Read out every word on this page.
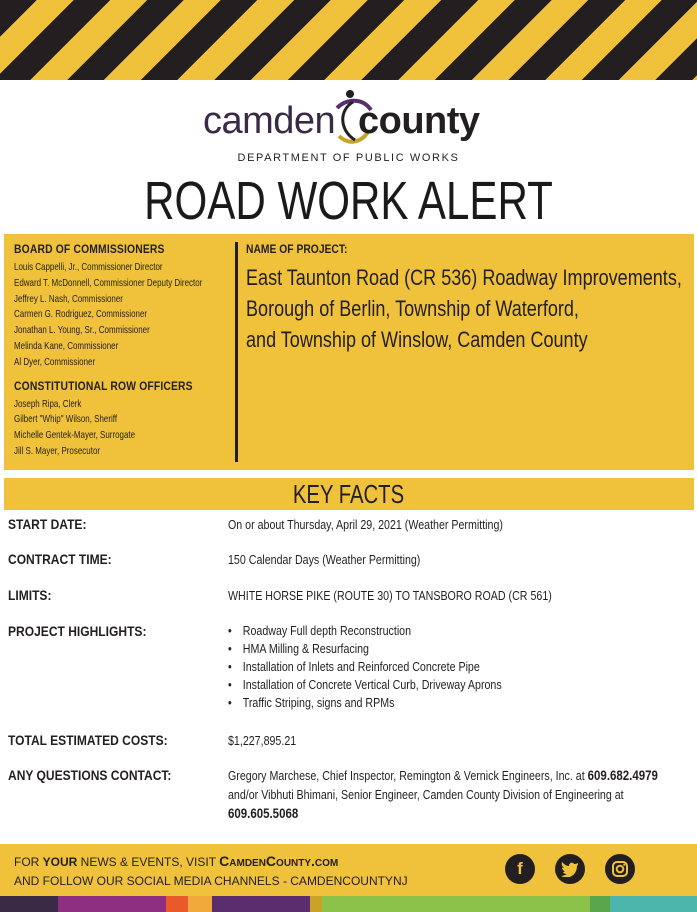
camden county
DEPARTMENT OF PUBLIC WORKS
ROAD WORK ALERT
BOARD OF COMMISSIONERS
Louis Cappelli, Jr., Commissioner Director
Edward T. McDonnell, Commissioner Deputy Director
Jeffrey L. Nash, Commissioner
Carmen G. Rodriguez, Commissioner
Jonathan L. Young, Sr., Commissioner
Melinda Kane, Commissioner
Al Dyer, Commissioner
CONSTITUTIONAL ROW OFFICERS
Joseph Ripa, Clerk
Gilbert "Whip" Wilson, Sheriff
Michelle Gentek-Mayer, Surrogate
Jill S. Mayer, Prosecutor
NAME OF PROJECT:
East Taunton Road (CR 536) Roadway Improvements,
Borough of Berlin, Township of Waterford,
and Township of Winslow, Camden County
KEY FACTS
START DATE:	On or about Thursday, April 29, 2021 (Weather Permitting)
CONTRACT TIME:	150 Calendar Days (Weather Permitting)
LIMITS:	WHITE HORSE PIKE (ROUTE 30) TO TANSBORO ROAD (CR 561)
PROJECT HIGHLIGHTS:	• Roadway Full depth Reconstruction
• HMA Milling & Resurfacing
• Installation of Inlets and Reinforced Concrete Pipe
• Installation of Concrete Vertical Curb, Driveway Aprons
• Traffic Striping, signs and RPMs
TOTAL ESTIMATED COSTS:	$1,227,895.21
ANY QUESTIONS CONTACT:	Gregory Marchese, Chief Inspector, Remington & Vernick Engineers, Inc. at 609.682.4979 and/or Vibhuti Bhimani, Senior Engineer, Camden County Division of Engineering at 609.605.5068
FOR YOUR NEWS & EVENTS, VISIT CamdenCounty.com
AND FOLLOW OUR SOCIAL MEDIA CHANNELS - CAMDENCOUNTYNJ
f
